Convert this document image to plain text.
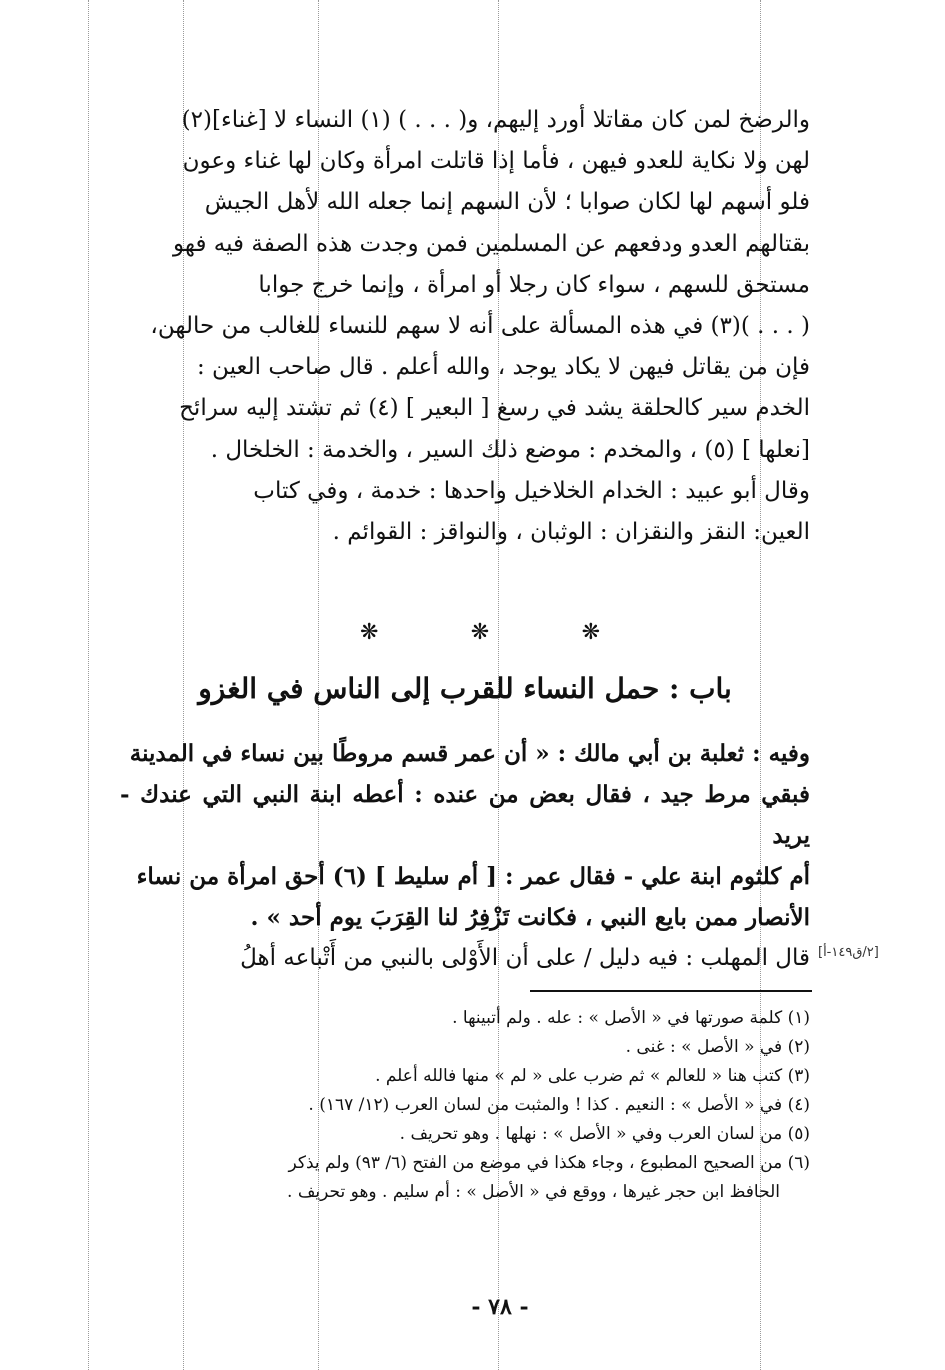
والرضخ لمن كان مقاتلا أورد إليهم، و( . . . ) (١) النساء لا [غناء](٢)

لهن ولا نكاية للعدو فيهن ، فأما إذا قاتلت امرأة وكان لها غناء وعون

فلو أسهم لها لكان صوابا ؛ لأن السهم إنما جعله الله لأهل الجيش

بقتالهم العدو ودفعهم عن المسلمين فمن وجدت هذه الصفة فيه فهو

مستحق للسهم ، سواء كان رجلا أو امرأة ، وإنما خرج جوابا

( . . . )(٣) في هذه المسألة على أنه لا سهم للنساء للغالب من حالهن،

فإن من يقاتل فيهن لا يكاد يوجد ، والله أعلم . قال صاحب العين :

الخدم سير كالحلقة يشد في رسغ [ البعير ] (٤) ثم تشتد إليه سرائح

[نعلها ] (٥) ، والمخدم : موضع ذلك السير ، والخدمة : الخلخال .

وقال أبو عبيد : الخدام الخلاخيل واحدها : خدمة ، وفي كتاب

العين: النقز والنقزان : الوثبان ، والنواقز : القوائم .

❋
❋
❋
باب : حمل النساء للقرب إلى الناس في الغزو

وفيه : ثعلبة بن أبي مالك : « أن عمر قسم مروطًا بين نساء في المدينة

فبقي مرط جيد ، فقال بعض من عنده : أعطه ابنة النبي التي عندك - يريد

أم كلثوم ابنة علي - فقال عمر : [ أم سليط ] (٦) أحق امرأة من نساء

الأنصار ممن بايع النبي ، فكانت تَزْفِرُ لنا القِرَبَ يوم أحد » .

قال المهلب : فيه دليل / على أن الأَوْلى بالنبي من أَتْباعه أهلُ [٢/ق١٤٩-أ]
(١) كلمة صورتها في « الأصل » : عله . ولم أتبينها .
(٢) في « الأصل » : غنى .
(٣) كتب هنا « للعالم » ثم ضرب على « لم » منها فالله أعلم .
(٤) في « الأصل » : النعيم . كذا ! والمثبت من لسان العرب (١٢/ ١٦٧) .
(٥) من لسان العرب وفي « الأصل » : نهلها . وهو تحريف .
(٦) من الصحيح المطبوع ، وجاء هكذا في موضع من الفتح (٦/ ٩٣) ولم يذكر
الحافظ ابن حجر غيرها ، ووقع في « الأصل » : أم سليم . وهو تحريف .
- ٧٨ -
